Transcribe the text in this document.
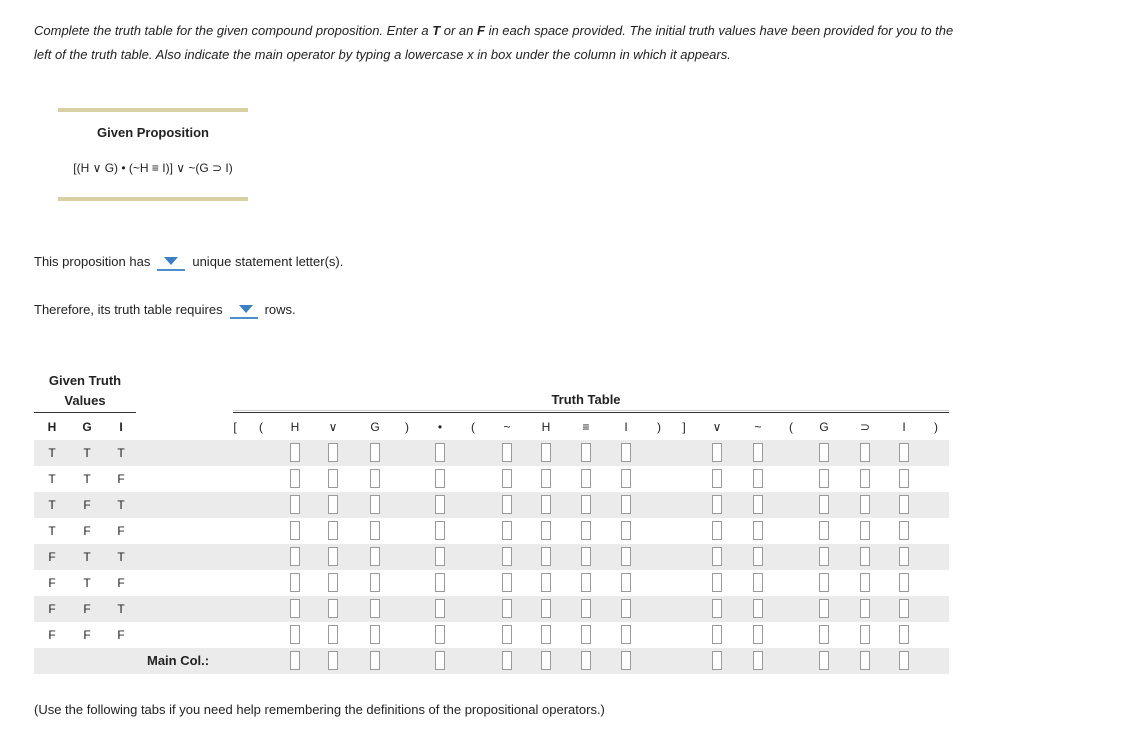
Complete the truth table for the given compound proposition. Enter a T or an F in each space provided. The initial truth values have been provided for you to the left of the truth table. Also indicate the main operator by typing a lowercase x in box under the column in which it appears.
Given Proposition
[(H ∨ G) • (~H ≡ I)] ∨ ~(G ⊃ I)
This proposition has	unique statement letter(s).
Therefore, its truth table requires	rows.
Given Truth
Values	Truth Table
H	G	I	[	(	H	∨	G	)	•	(	~	H	≡	I	)	]	∨	~	(	G	⊃	I	)
T	T	T
T	T	F
T	F	T
T	F	F
F	T	T
F	T	F
F	F	T
F	F	F
Main Col.:
(Use the following tabs if you need help remembering the definitions of the propositional operators.)
